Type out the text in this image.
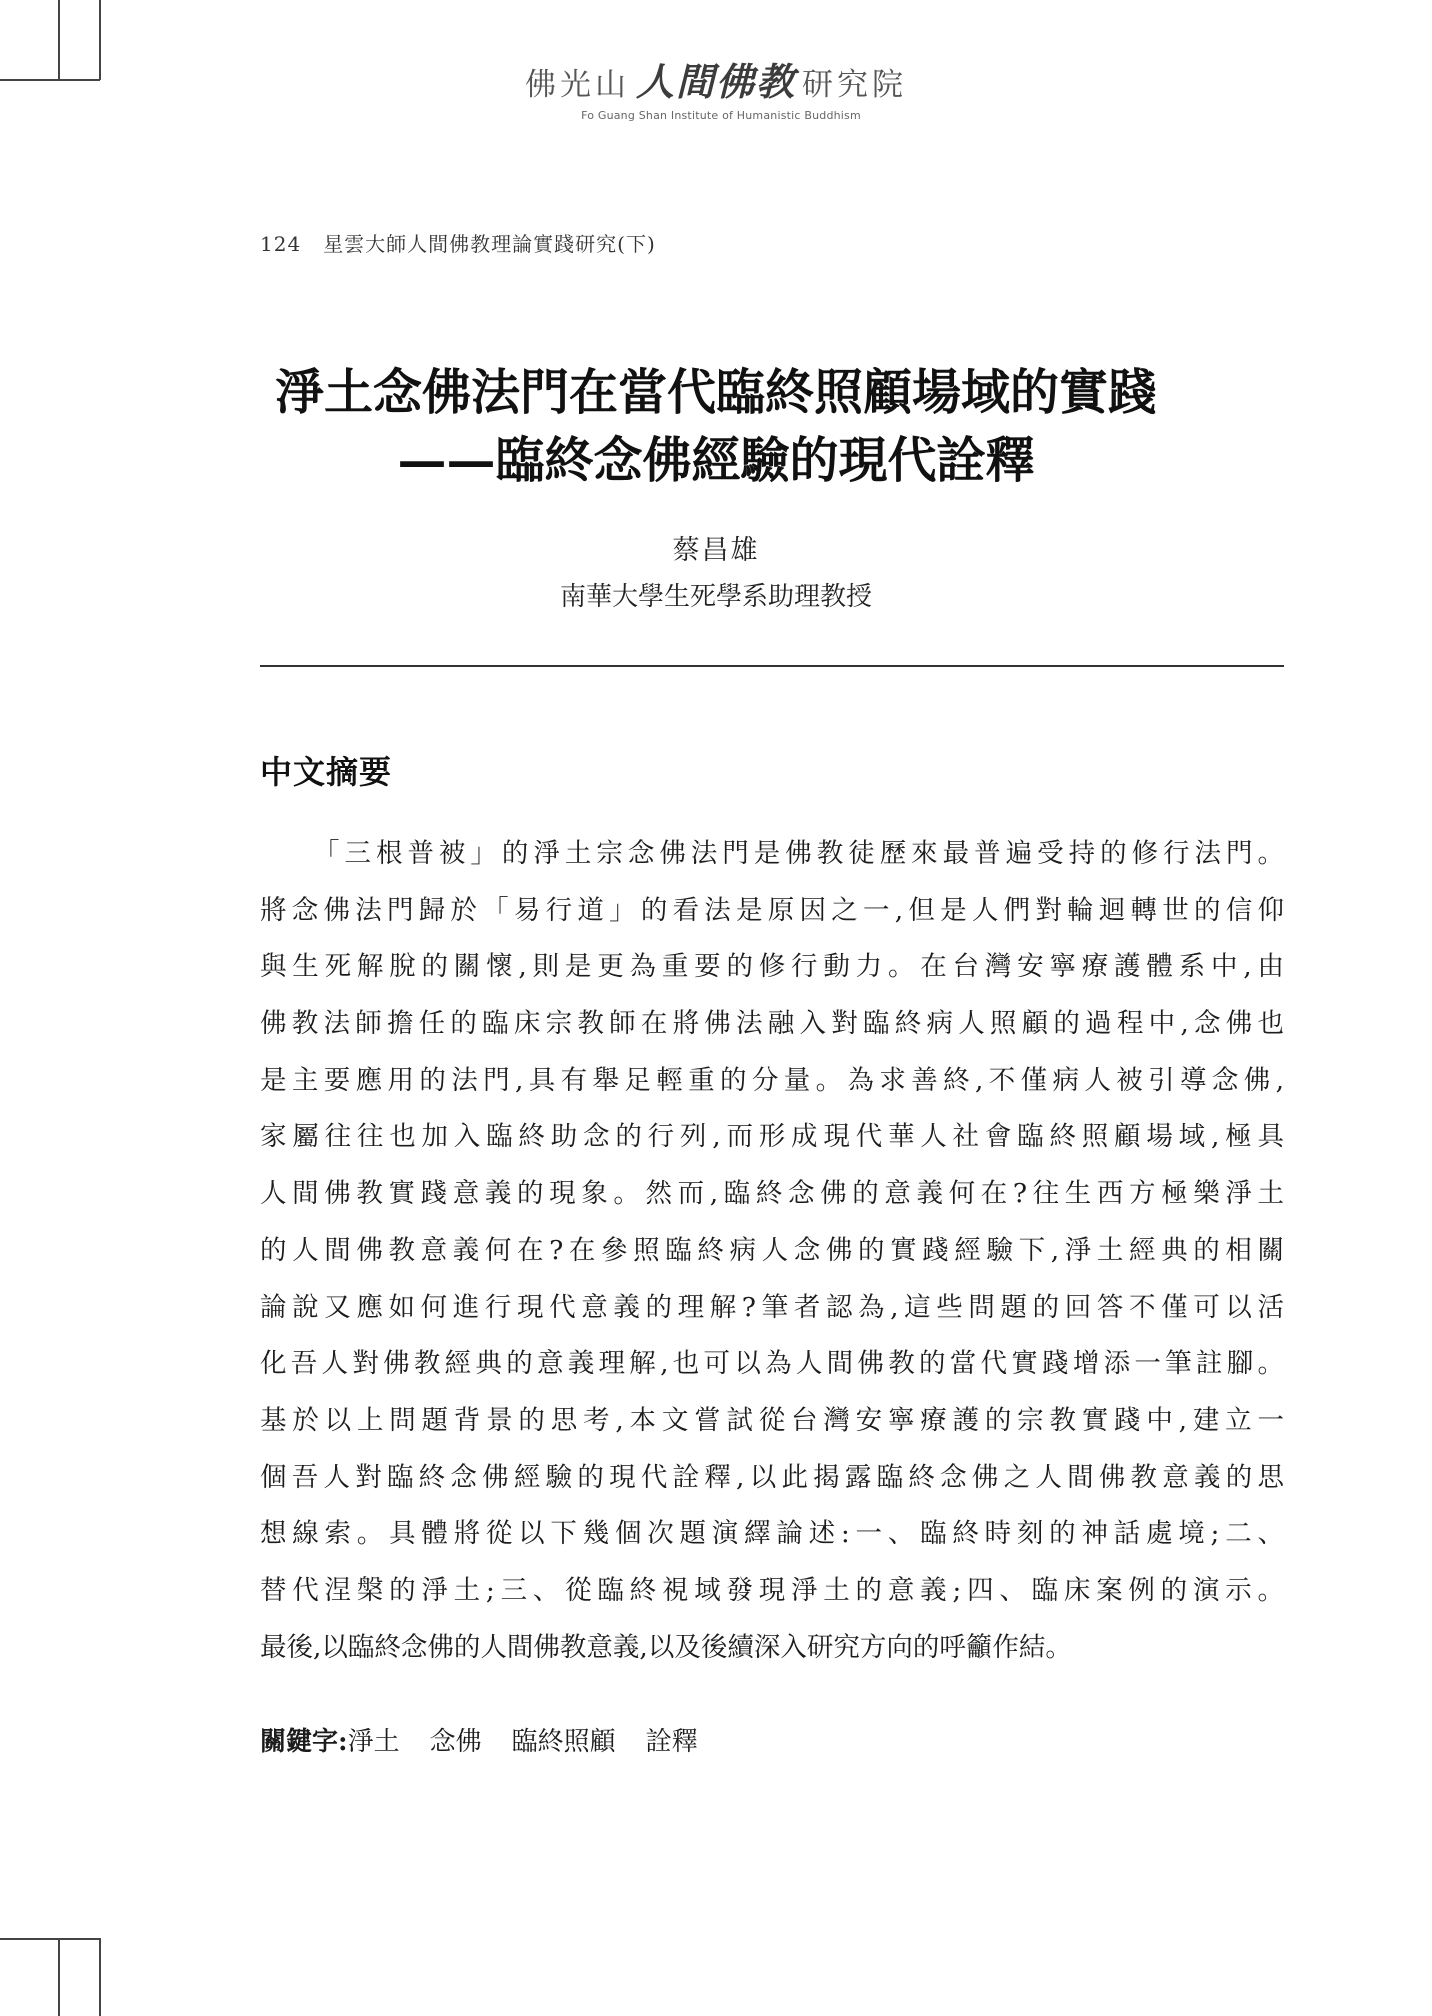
佛光山 人間佛教 研究院
Fo Guang Shan Institute of Humanistic Buddhism
124 星雲大師人間佛教理論實踐研究(下)
淨土念佛法門在當代臨終照顧場域的實踐
——臨終念佛經驗的現代詮釋
蔡昌雄
南華大學生死學系助理教授
中文摘要
「三根普被」的淨土宗念佛法門是佛教徒歷來最普遍受持的修行法門。
將念佛法門歸於「易行道」的看法是原因之一,但是人們對輪迴轉世的信仰
與生死解脫的關懷,則是更為重要的修行動力。在台灣安寧療護體系中,由
佛教法師擔任的臨床宗教師在將佛法融入對臨終病人照顧的過程中,念佛也
是主要應用的法門,具有舉足輕重的分量。為求善終,不僅病人被引導念佛,
家屬往往也加入臨終助念的行列,而形成現代華人社會臨終照顧場域,極具
人間佛教實踐意義的現象。然而,臨終念佛的意義何在?往生西方極樂淨土
的人間佛教意義何在?在參照臨終病人念佛的實踐經驗下,淨土經典的相關
論說又應如何進行現代意義的理解?筆者認為,這些問題的回答不僅可以活
化吾人對佛教經典的意義理解,也可以為人間佛教的當代實踐增添一筆註腳。
基於以上問題背景的思考,本文嘗試從台灣安寧療護的宗教實踐中,建立一
個吾人對臨終念佛經驗的現代詮釋,以此揭露臨終念佛之人間佛教意義的思
想線索。具體將從以下幾個次題演繹論述:一、臨終時刻的神話處境;二、
替代涅槃的淨土;三、從臨終視域發現淨土的意義;四、臨床案例的演示。
最後,以臨終念佛的人間佛教意義,以及後續深入研究方向的呼籲作結。
關鍵字:淨土 念佛 臨終照顧 詮釋
